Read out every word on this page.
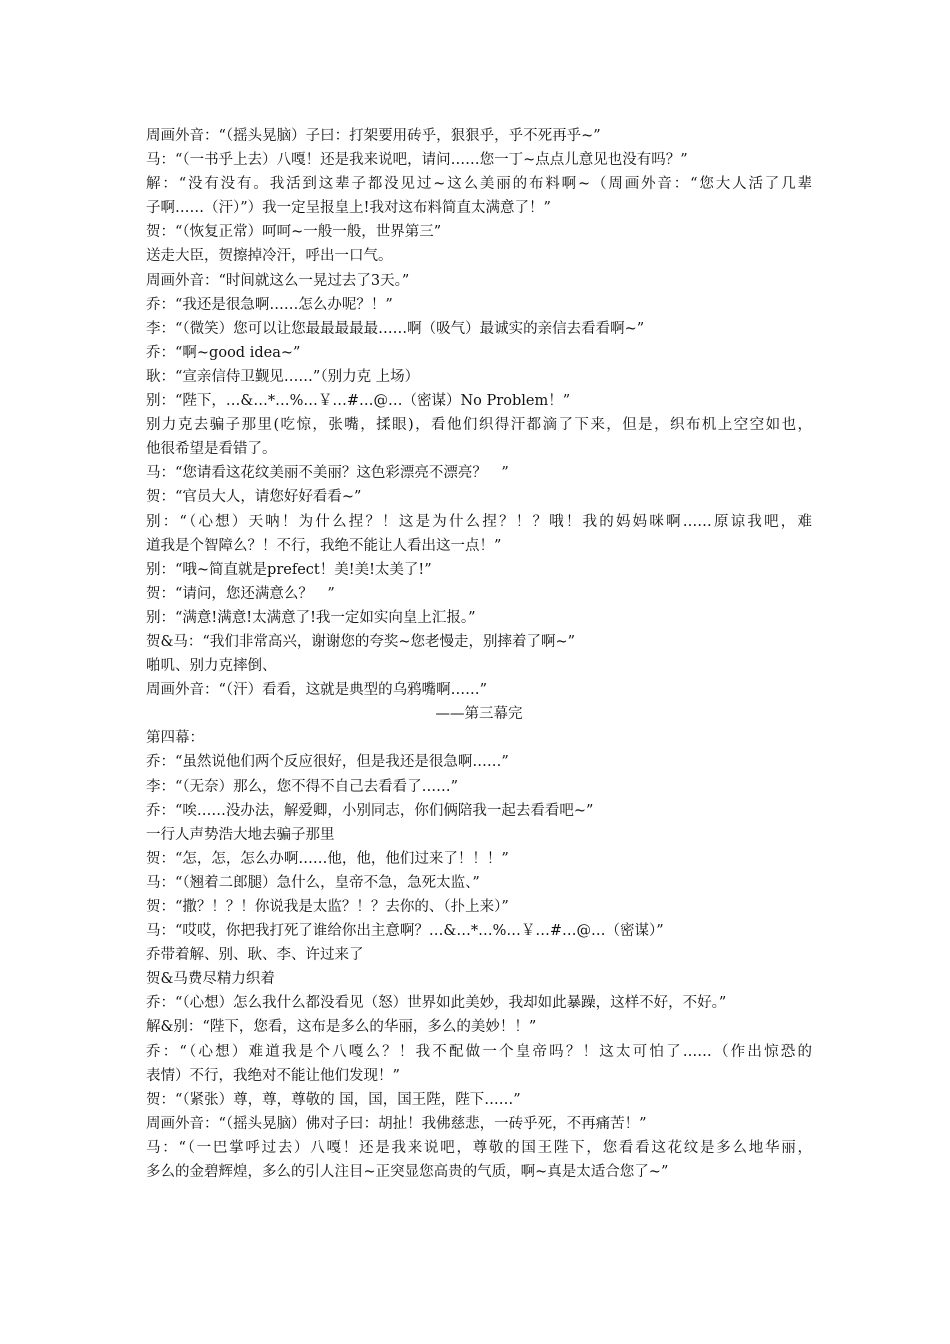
周画外音：“（摇头晃脑）子曰：打架要用砖乎，狠狠乎，乎不死再乎~”
马：“（一书乎上去）八嘎！还是我来说吧，请问……您一丁~点点儿意见也没有吗？”
解：“没有没有。我活到这辈子都没见过~这么美丽的布料啊~（周画外音：“您大人活了几辈
子啊……（汗）”）我一定呈报皇上!我对这布料简直太满意了！”
贺：“（恢复正常）呵呵~一般一般，世界第三”
送走大臣，贺擦掉冷汗，呼出一口气。
周画外音：“时间就这么一晃过去了3天。”
乔：“我还是很急啊……怎么办呢？！”
李：“（微笑）您可以让您最最最最最……啊（吸气）最诚实的亲信去看看啊~”
乔：“啊~good idea~”
耿：“宣亲信侍卫觐见……”（别力克 上场）
别：“陛下，…&…*…%…￥…#…@…（密谋）No Problem！”
别力克去骗子那里(吃惊，张嘴，揉眼)，看他们织得汗都滴了下来，但是，织布机上空空如也，
他很希望是看错了。
马：“您请看这花纹美丽不美丽？这色彩漂亮不漂亮？　”
贺：“官员大人，请您好好看看~”
别：“（心想）天呐！为什么捏？！这是为什么捏？！？哦！我的妈妈咪啊……原谅我吧，难
道我是个智障么？！不行，我绝不能让人看出这一点！”
别：“哦~简直就是prefect！美!美!太美了!”
贺：“请问，您还满意么？　”
别：“满意!满意!太满意了!我一定如实向皇上汇报。”
贺&马：“我们非常高兴，谢谢您的夸奖~您老慢走，别摔着了啊~”
啪叽、别力克摔倒、
周画外音：“（汗）看看，这就是典型的乌鸦嘴啊……”
——第三幕完
第四幕：
乔：“虽然说他们两个反应很好，但是我还是很急啊……”
李：“（无奈）那么，您不得不自己去看看了……”
乔：“唉……没办法，解爱卿，小别同志，你们俩陪我一起去看看吧~”
一行人声势浩大地去骗子那里
贺：“怎，怎，怎么办啊……他，他，他们过来了！！！”
马：“（翘着二郎腿）急什么，皇帝不急，急死太监、”
贺：“撒？！？！你说我是太监？！？去你的、（扑上来）”
马：“哎哎，你把我打死了谁给你出主意啊？…&…*…%…￥…#…@…（密谋）”
乔带着解、别、耿、李、许过来了
贺&马费尽精力织着
乔：“（心想）怎么我什么都没看见（怒）世界如此美妙，我却如此暴躁，这样不好，不好。”
解&别：“陛下，您看，这布是多么的华丽，多么的美妙！！”
乔：“（心想）难道我是个八嘎么？！我不配做一个皇帝吗？！这太可怕了……（作出惊恐的
表情）不行，我绝对不能让他们发现！”
贺：“（紧张）尊，尊，尊敬的 国，国，国王陛，陛下……”
周画外音：“（摇头晃脑）佛对子曰：胡扯！我佛慈悲，一砖乎死，不再痛苦！”
马：“（一巴掌呼过去）八嘎！还是我来说吧，尊敬的国王陛下，您看看这花纹是多么地华丽，
多么的金碧辉煌，多么的引人注目~正突显您高贵的气质，啊~真是太适合您了~”
